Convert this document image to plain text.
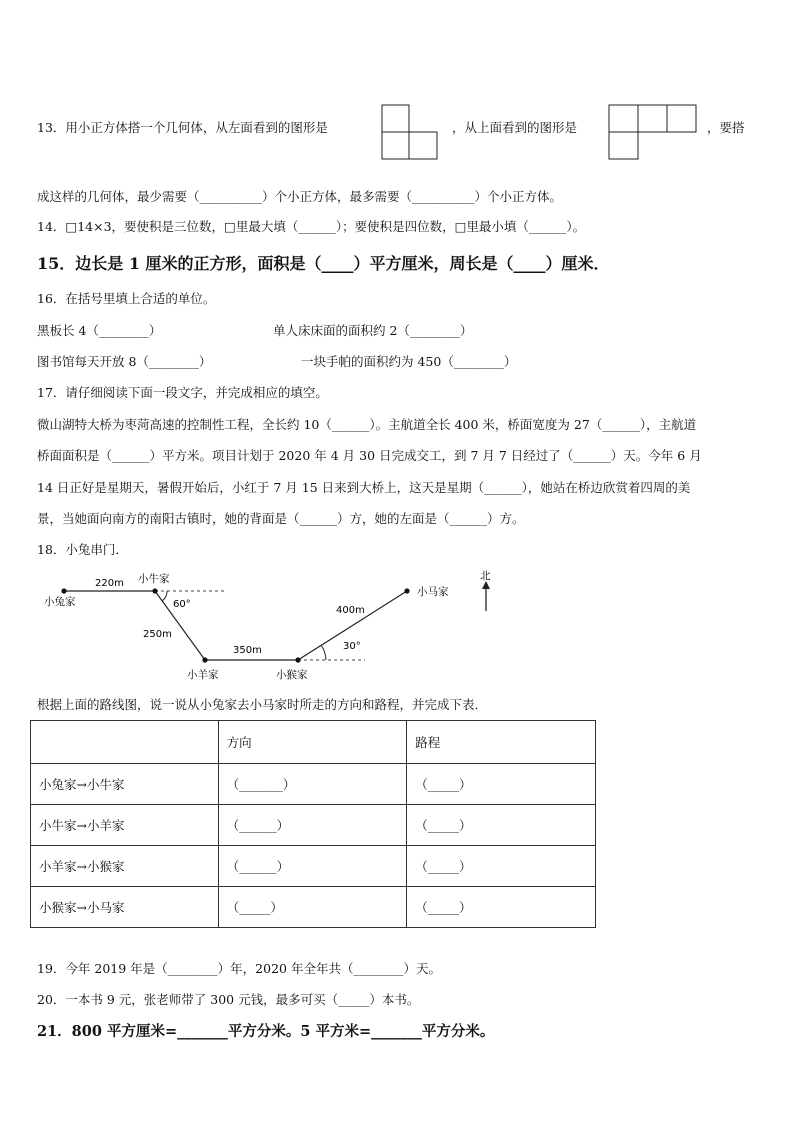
13．用小正方体搭一个几何体，从左面看到的图形是	，从上面看到的图形是	，要搭
成这样的几何体，最少需要（__________）个小正方体，最多需要（__________）个小正方体。
14．□14×3，要使积是三位数，□里最大填（______）；要使积是四位数，□里最小填（______）。
15．边长是 1 厘米的正方形，面积是（____）平方厘米，周长是（____）厘米．
16．在括号里填上合适的单位。
黑板长 4（________）	单人床床面的面积约 2（________）
图书馆每天开放 8（________）	一块手帕的面积约为 450（________）
17．请仔细阅读下面一段文字，并完成相应的填空。
微山湖特大桥为枣菏高速的控制性工程，全长约 10（______）。主航道全长 400 米，桥面宽度为 27（______），主航道
桥面面积是（______）平方米。项目计划于 2020 年 4 月 30 日完成交工，到 7 月 7 日经过了（______）天。今年 6 月
14 日正好是星期天，暑假开始后，小红于 7 月 15 日来到大桥上，这天是星期（______），她站在桥边欣赏着四周的美
景，当她面向南方的南阳古镇时，她的背面是（______）方，她的左面是（______）方。
18．小兔串门．
小兔家
小牛家
小羊家	小猴家
小马家
北
220m
250m
350m
400m
60°
30°
根据上面的路线图，说一说从小兔家去小马家时所走的方向和路程，并完成下表．
	方向	路程
小兔家→小牛家	（_______）	（_____）
小牛家→小羊家	（______）	（_____）
小羊家→小猴家	（______）	（_____）
小猴家→小马家	（_____）	（_____）
19．今年 2019 年是（________）年，2020 年全年共（________）天。
20．一本书 9 元，张老师带了 300 元钱，最多可买（_____）本书。
21．800 平方厘米=_______平方分米。5 平方米=_______平方分米。
